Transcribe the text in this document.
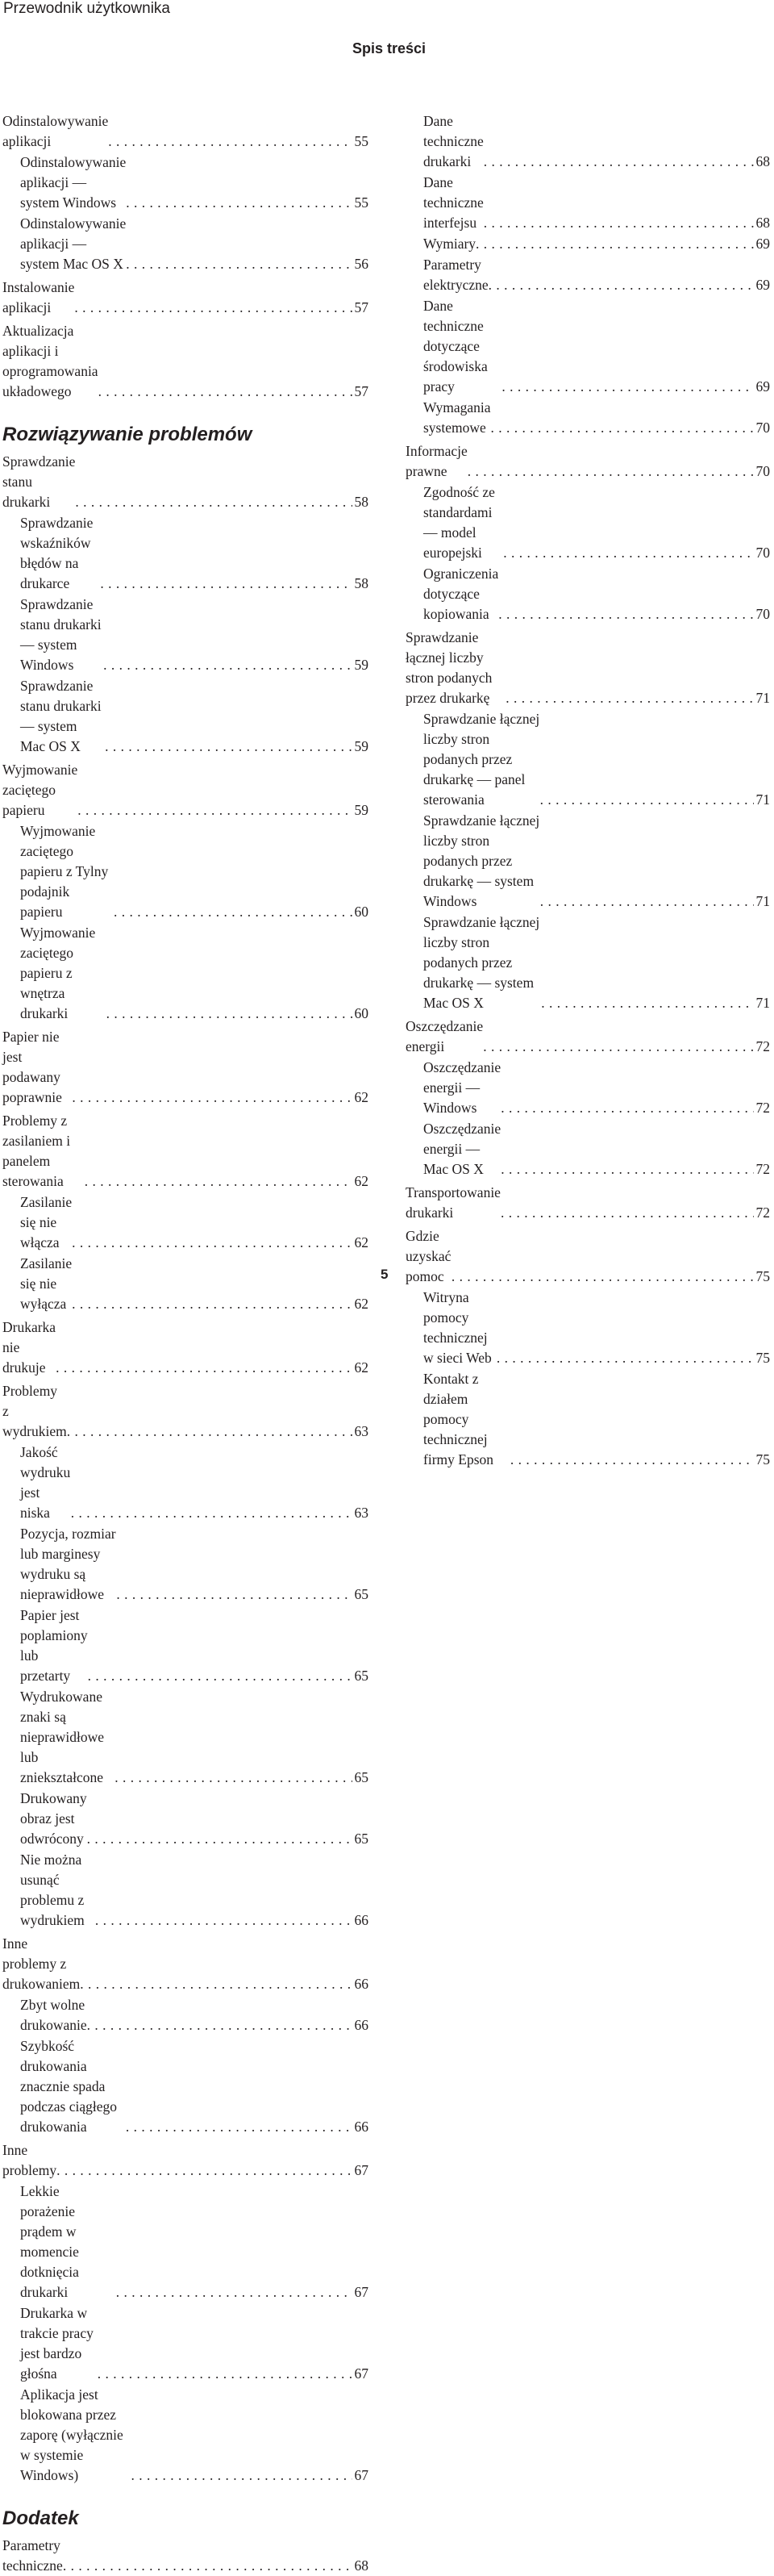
Przewodnik użytkownika
Spis treści
Odinstalowywanie aplikacji . . .	55
Odinstalowywanie aplikacji — system Windows . . .	55
Odinstalowywanie aplikacji — system Mac OS X . . .	56
Instalowanie aplikacji . . .	57
Aktualizacja aplikacji i oprogramowania układowego . . .	57
Rozwiązywanie problemów
Sprawdzanie stanu drukarki . . .	58
Sprawdzanie wskaźników błędów na drukarce . . .	58
Sprawdzanie stanu drukarki — system Windows . . .	59
Sprawdzanie stanu drukarki — system Mac OS X . . .	59
Wyjmowanie zaciętego papieru . . .	59
Wyjmowanie zaciętego papieru z Tylny podajnik papieru . . .	60
Wyjmowanie zaciętego papieru z wnętrza drukarki . . .	60
Papier nie jest podawany poprawnie . . .	62
Problemy z zasilaniem i panelem sterowania . . .	62
Zasilanie się nie włącza . . .	62
Zasilanie się nie wyłącza . . .	62
Drukarka nie drukuje . . .	62
Problemy z wydrukiem . . .	63
Jakość wydruku jest niska . . .	63
Pozycja, rozmiar lub marginesy wydruku są nieprawidłowe . . .	65
Papier jest poplamiony lub przetarty . . .	65
Wydrukowane znaki są nieprawidłowe lub zniekształcone . . .	65
Drukowany obraz jest odwrócony . . .	65
Nie można usunąć problemu z wydrukiem . . .	66
Inne problemy z drukowaniem . . .	66
Zbyt wolne drukowanie . . .	66
Szybkość drukowania znacznie spada podczas ciągłego drukowania . . .	66
Inne problemy . . .	67
Lekkie porażenie prądem w momencie dotknięcia drukarki . . .	67
Drukarka w trakcie pracy jest bardzo głośna . . .	67
Aplikacja jest blokowana przez zaporę (wyłącznie w systemie Windows) . . .	67
Dodatek
Parametry techniczne . . .	68
Dane techniczne drukarki . . .	68
Dane techniczne interfejsu . . .	68
Wymiary . . .	69
Parametry elektryczne . . .	69
Dane techniczne dotyczące środowiska pracy . . .	69
Wymagania systemowe . . .	70
Informacje prawne . . .	70
Zgodność ze standardami — model europejski . . .	70
Ograniczenia dotyczące kopiowania . . .	70
Sprawdzanie łącznej liczby stron podanych przez drukarkę . . .	71
Sprawdzanie łącznej liczby stron podanych przez drukarkę — panel sterowania . . .	71
Sprawdzanie łącznej liczby stron podanych przez drukarkę — system Windows . . .	71
Sprawdzanie łącznej liczby stron podanych przez drukarkę — system Mac OS X . . .	71
Oszczędzanie energii . . .	72
Oszczędzanie energii — Windows . . .	72
Oszczędzanie energii — Mac OS X . . .	72
Transportowanie drukarki . . .	72
Gdzie uzyskać pomoc . . .	75
Witryna pomocy technicznej w sieci Web . . .	75
Kontakt z działem pomocy technicznej firmy Epson . . .	75
5
